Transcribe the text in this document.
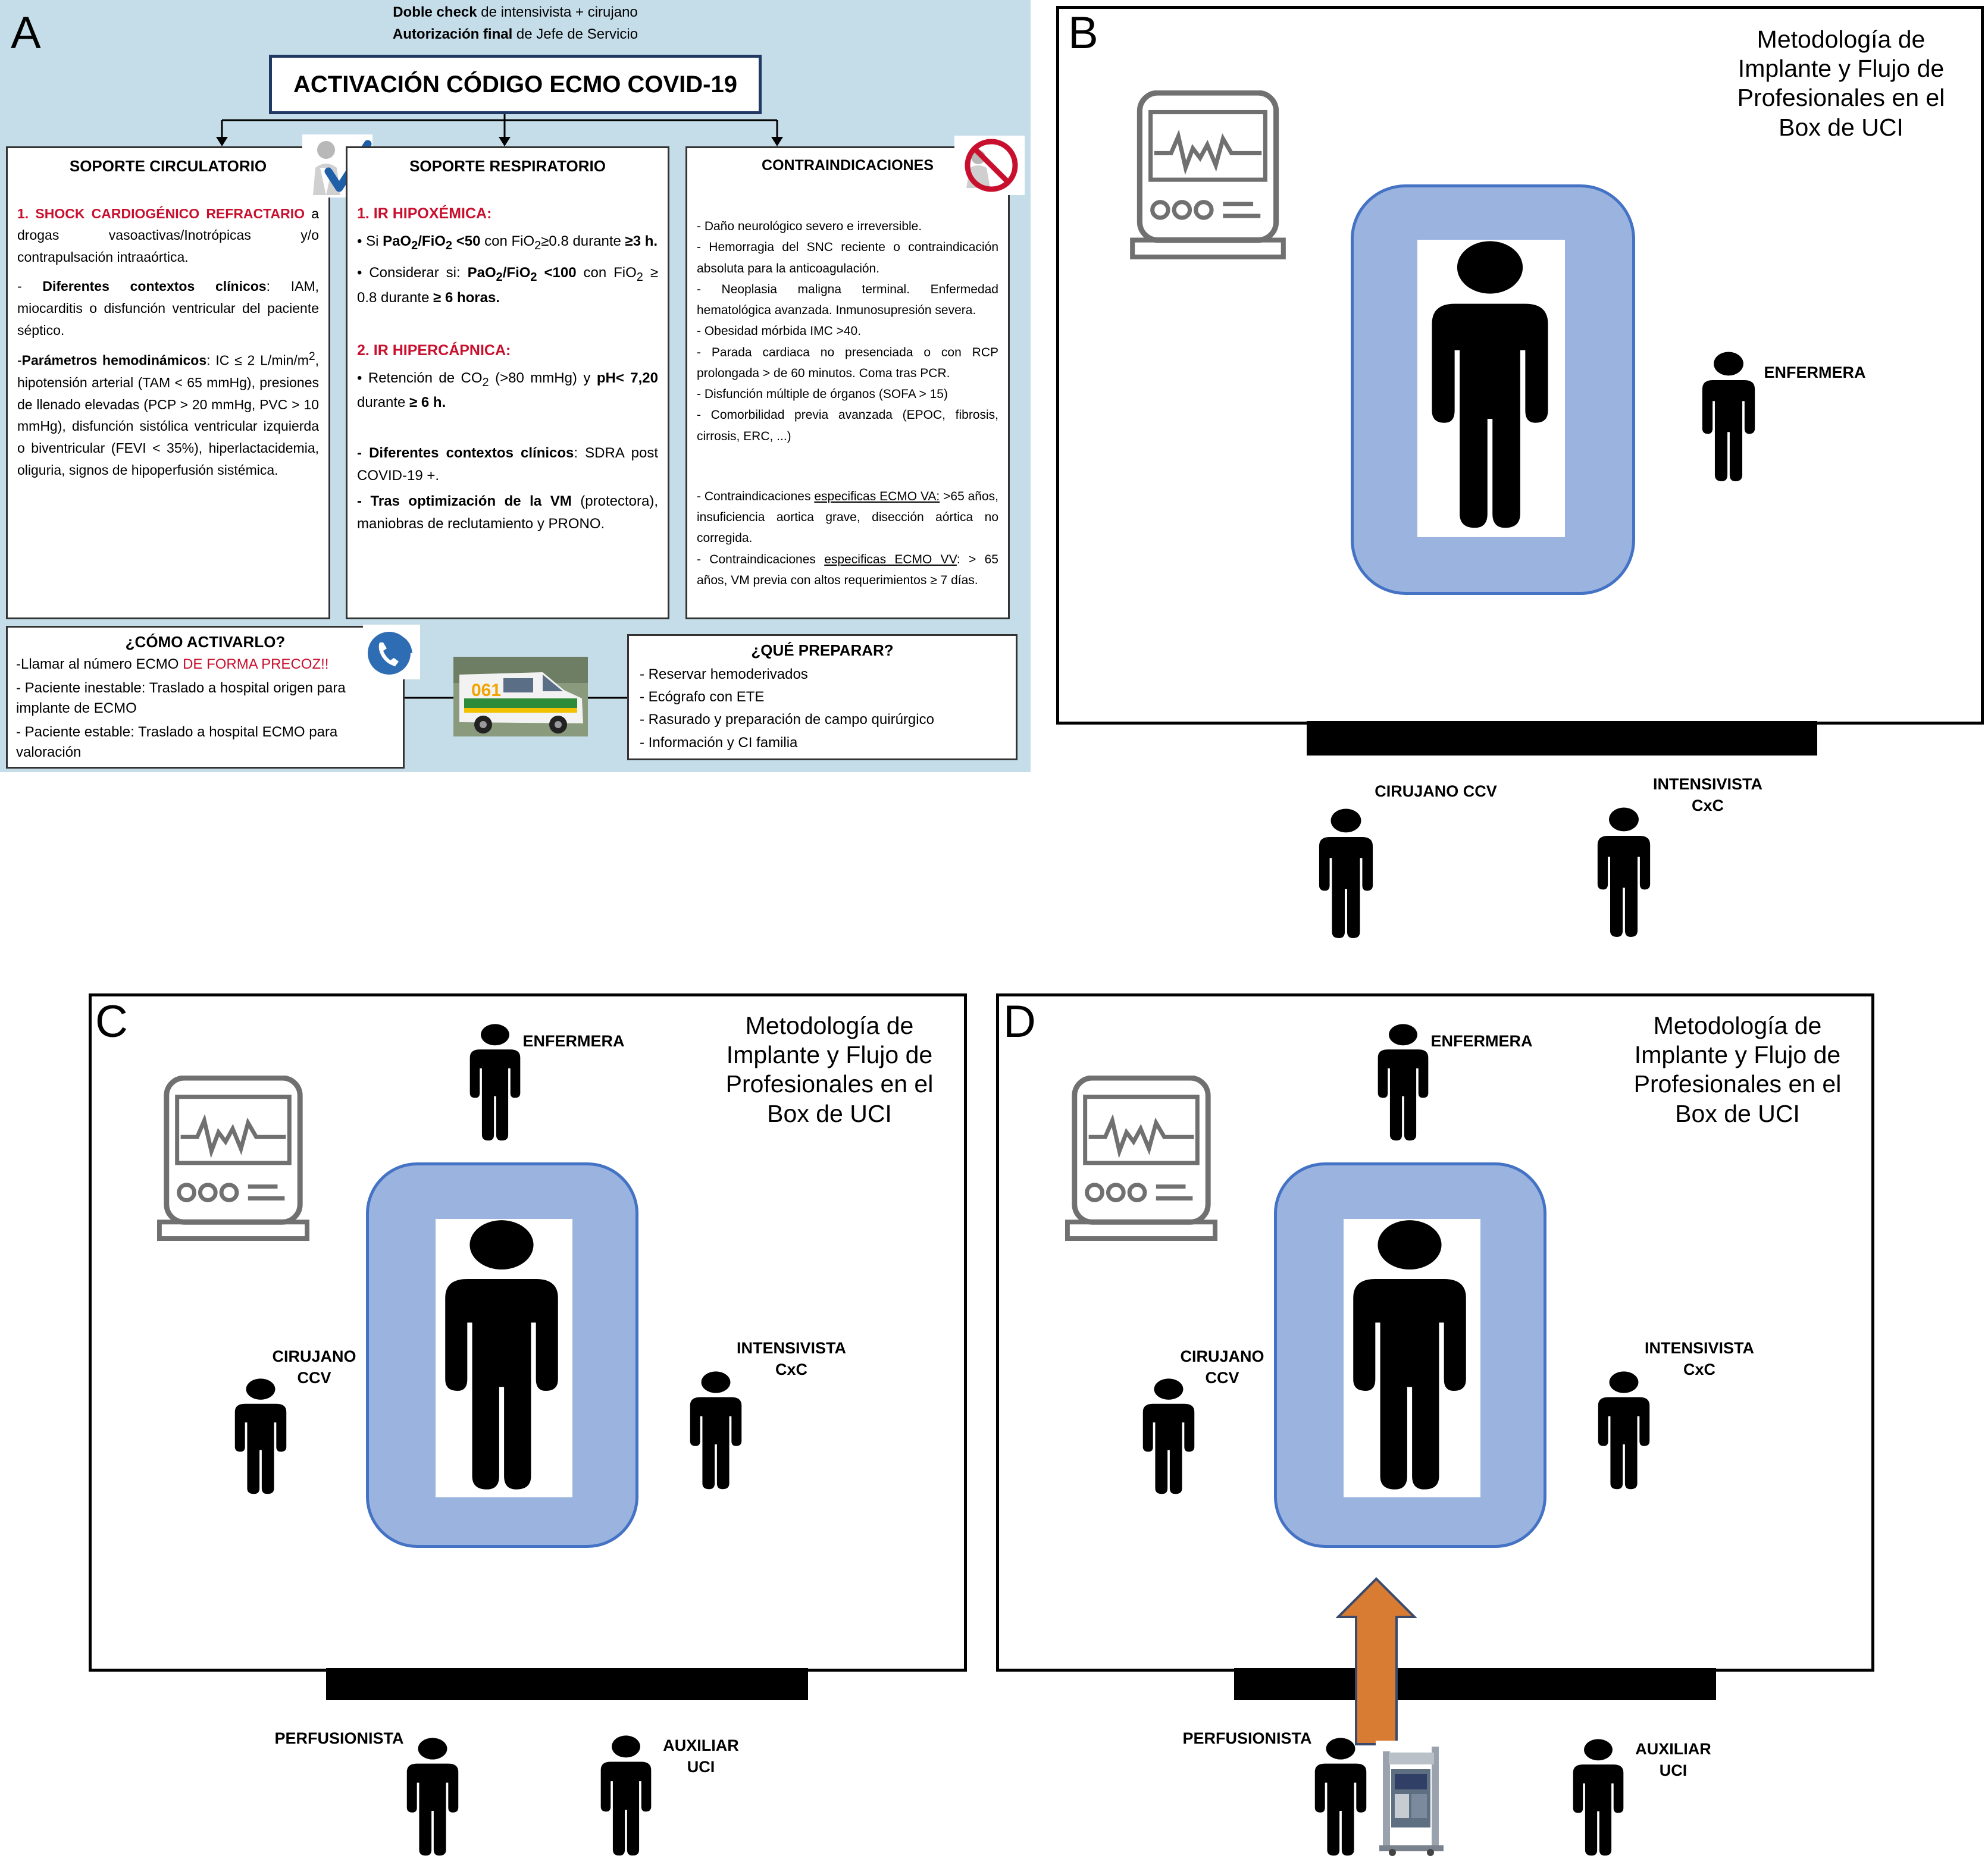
A	Doble check de intensivista + cirujano
Autorización final de Jefe de Servicio
ACTIVACIÓN CÓDIGO ECMO COVID-19
SOPORTE CIRCULATORIO
1. SHOCK CARDIOGÉNICO REFRACTARIO a drogas vasoactivas/Inotrópicas y/o contrapulsación intraaórtica.
- Diferentes contextos clínicos: IAM, miocarditis o disfunción ventricular del paciente séptico.
-Parámetros hemodinámicos: IC ≤ 2 $L/\min/m^2$, hipotensión arterial (TAM < 65 mmHg), presiones de llenado elevadas (PCP > 20 mmHg, PVC > 10 mmHg), disfunción sistólica ventricular izquierda o biventricular (FEVI < 35%), hiperlactacidemia, oliguria, signos de hipoperfusión sistémica.
SOPORTE RESPIRATORIO
1. IR HIPOXÉMICA:
• Si PaO$_2$/FiO$_2$ <50 con FiO$_2$≥0.8 durante ≥3 h.
• Considerar si: PaO$_2$/FiO$_2$ <100 con FiO$_2$ ≥ 0.8 durante ≥ 6 horas.
2. IR HIPERCÁPNICA:
• Retención de $CO_2$ (>80 mmHg) y pH< 7,20 durante ≥ 6 h.
- Diferentes contextos clínicos: SDRA post COVID-19 +.
- Tras optimización de la VM (protectora), maniobras de reclutamiento y PRONO.
CONTRAINDICACIONES
- Daño neurológico severo e irreversible.
- Hemorragia del SNC reciente o contraindicación absoluta para la anticoagulación.
- Neoplasia maligna terminal. Enfermedad hematológica avanzada. Inmunosupresión severa.
- Obesidad mórbida IMC >40.
- Parada cardiaca no presenciada o con RCP prolongada > de 60 minutos. Coma tras PCR.
- Disfunción múltiple de órganos (SOFA > 15)
- Comorbilidad previa avanzada (EPOC, fibrosis, cirrosis, ERC, ...)
- Contraindicaciones especificas ECMO VA: >65 años, insuficiencia aortica grave, disección aórtica no corregida.
- Contraindicaciones especificas ECMO VV: > 65 años, VM previa con altos requerimientos ≥ 7 días.
¿CÓMO ACTIVARLO?
-Llamar al número ECMO DE FORMA PRECOZ!!
- Paciente inestable: Traslado a hospital origen para implante de ECMO
- Paciente estable: Traslado a hospital ECMO para valoración
061
¿QUÉ PREPARAR?
- Reservar hemoderivados
- Ecógrafo con ETE
- Rasurado y preparación de campo quirúrgico
- Información y CI familia
B	Metodología de Implante y Flujo de Profesionales en el Box de UCI
ENFERMERA
CIRUJANO CCV	INTENSIVISTA
CxC
C	Metodología de Implante y Flujo de Profesionales en el Box de UCI
ENFERMERA
CIRUJANO
CCV
INTENSIVISTA
CxC
PERFUSIONISTA	AUXILIAR
UCI
D	Metodología de Implante y Flujo de Profesionales en el Box de UCI
ENFERMERA
CIRUJANO
CCV
INTENSIVISTA
CxC
PERFUSIONISTA
AUXILIAR
UCI
